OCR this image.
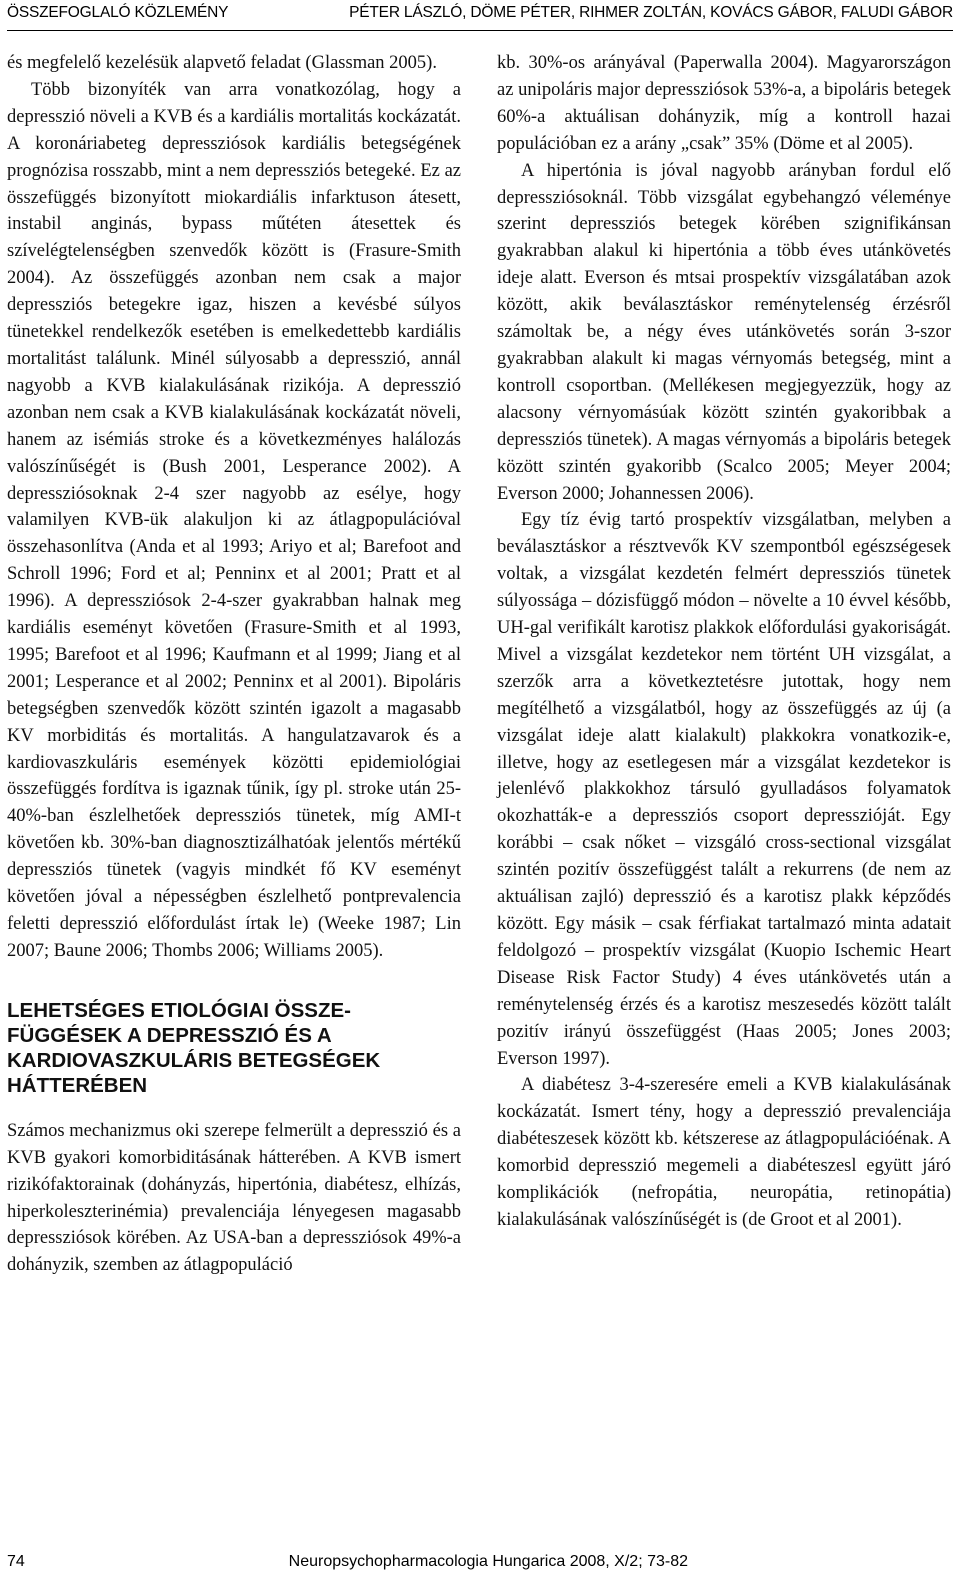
ÖSSZEFOGLALÓ KÖZLEMÉNY	PÉTER LÁSZLÓ, DÖME PÉTER, RIHMER ZOLTÁN, KOVÁCS GÁBOR, FALUDI GÁBOR

és megfelelő kezelésük alapvető feladat (Glassman 2005).

Több bizonyíték van arra vonatkozólag, hogy a depresszió növeli a KVB és a kardiális mortalitás kockázatát. A koronáriabeteg depressziósok kardiális betegségének prognózisa rosszabb, mint a nem depressziós betegeké. Ez az összefüggés bizonyított miokardiális infarktuson átesett, instabil anginás, bypass műtéten átesettek és szívelégtelenségben szenvedők között is (Frasure-Smith 2004). Az összefüggés azonban nem csak a major depressziós betegekre igaz, hiszen a kevésbé súlyos tünetekkel rendelkezők esetében is emelkedettebb kardiális mortalitást találunk. Minél súlyosabb a depresszió, annál nagyobb a KVB kialakulásának rizikója. A depresszió azonban nem csak a KVB kialakulásának kockázatát növeli, hanem az isémiás stroke és a következményes halálozás valószínűségét is (Bush 2001, Lesperance 2002). A depressziósoknak 2-4 szer nagyobb az esélye, hogy valamilyen KVB-ük alakuljon ki az átlagpopulációval összehasonlítva (Anda et al 1993; Ariyo et al; Barefoot and Schroll 1996; Ford et al; Penninx et al 2001; Pratt et al 1996). A depressziósok 2-4-szer gyakrabban halnak meg kardiális eseményt követően (Frasure-Smith et al 1993, 1995; Barefoot et al 1996; Kaufmann et al 1999; Jiang et al 2001; Lesperance et al 2002; Penninx et al 2001). Bipoláris betegségben szenvedők között szintén igazolt a magasabb KV morbiditás és mortalitás. A hangulatzavarok és a kardiovaszkuláris események közötti epidemiológiai összefüggés fordítva is igaznak tűnik, így pl. stroke után 25-40%-ban észlelhetőek depressziós tünetek, míg AMI-t követően kb. 30%-ban diagnosztizálhatóak jelentős mértékű depressziós tünetek (vagyis mindkét fő KV eseményt követően jóval a népességben észlelhető pontprevalencia feletti depresszió előfordulást írtak le) (Weeke 1987; Lin 2007; Baune 2006; Thombs 2006; Williams 2005).

LEHETSÉGES ETIOLÓGIAI ÖSSZE-
FÜGGÉSEK A DEPRESSZIÓ ÉS A
KARDIOVASZKULÁRIS BETEGSÉGEK
HÁTTERÉBEN

Számos mechanizmus oki szerepe felmerült a depresszió és a KVB gyakori komorbiditásának hátterében. A KVB ismert rizikófaktorainak (dohányzás, hipertónia, diabétesz, elhízás, hiperkoleszterinémia) prevalenciája lényegesen magasabb depressziósok körében. Az USA-ban a depressziósok 49%-a dohányzik, szemben az átlagpopuláció

kb. 30%-os arányával (Paperwalla 2004). Magyarországon az unipoláris major depressziósok 53%-a, a bipoláris betegek 60%-a aktuálisan dohányzik, míg a kontroll hazai populációban ez a arány „csak” 35% (Döme et al 2005).

A hipertónia is jóval nagyobb arányban fordul elő depressziósoknál. Több vizsgálat egybehangzó véleménye szerint depressziós betegek körében szignifikánsan gyakrabban alakul ki hipertónia a több éves utánkövetés ideje alatt. Everson és mtsai prospektív vizsgálatában azok között, akik beválasztáskor reménytelenség érzésről számoltak be, a négy éves utánkövetés során 3-szor gyakrabban alakult ki magas vérnyomás betegség, mint a kontroll csoportban. (Mellékesen megjegyezzük, hogy az alacsony vérnyomásúak között szintén gyakoribbak a depressziós tünetek). A magas vérnyomás a bipoláris betegek között szintén gyakoribb (Scalco 2005; Meyer 2004; Everson 2000; Johannessen 2006).

Egy tíz évig tartó prospektív vizsgálatban, melyben a beválasztáskor a résztvevők KV szempontból egészségesek voltak, a vizsgálat kezdetén felmért depressziós tünetek súlyossága – dózisfüggő módon – növelte a 10 évvel később, UH-gal verifikált karotisz plakkok előfordulási gyakoriságát. Mivel a vizsgálat kezdetekor nem történt UH vizsgálat, a szerzők arra a következtetésre jutottak, hogy nem megítélhető a vizsgálatból, hogy az összefüggés az új (a vizsgálat ideje alatt kialakult) plakkokra vonatkozik-e, illetve, hogy az esetlegesen már a vizsgálat kezdetekor is jelenlévő plakkokhoz társuló gyulladásos folyamatok okozhatták-e a depressziós csoport depresszióját. Egy korábbi – csak nőket – vizsgáló cross-sectional vizsgálat szintén pozitív összefüggést talált a rekurrens (de nem az aktuálisan zajló) depresszió és a karotisz plakk képződés között. Egy másik – csak férfiakat tartalmazó minta adatait feldolgozó – prospektív vizsgálat (Kuopio Ischemic Heart Disease Risk Factor Study) 4 éves utánkövetés után a reménytelenség érzés és a karotisz meszesedés között talált pozitív irányú összefüggést (Haas 2005; Jones 2003; Everson 1997).

A diabétesz 3-4-szeresére emeli a KVB kialakulásának kockázatát. Ismert tény, hogy a depresszió prevalenciája diabéteszesek között kb. kétszerese az átlagpopulációénak. A komorbid depresszió megemeli a diabéteszesl együtt járó komplikációk (nefropátia, neuropátia, retinopátia) kialakulásának valószínűségét is (de Groot et al 2001).

74	Neuropsychopharmacologia Hungarica 2008, X/2; 73-82
